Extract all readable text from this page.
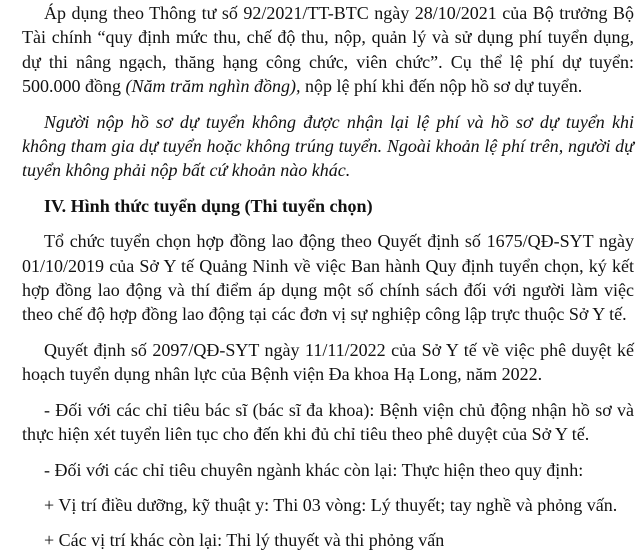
Áp dụng theo Thông tư số 92/2021/TT-BTC ngày 28/10/2021 của Bộ trưởng Bộ Tài chính “quy định mức thu, chế độ thu, nộp, quản lý và sử dụng phí tuyển dụng, dự thi nâng ngạch, thăng hạng công chức, viên chức”. Cụ thể lệ phí dự tuyển: 500.000 đồng (Năm trăm nghìn đồng), nộp lệ phí khi đến nộp hồ sơ dự tuyển.

Người nộp hồ sơ dự tuyển không được nhận lại lệ phí và hồ sơ dự tuyển khi không tham gia dự tuyển hoặc không trúng tuyển. Ngoài khoản lệ phí trên, người dự tuyển không phải nộp bất cứ khoản nào khác.

IV. Hình thức tuyển dụng (Thi tuyển chọn)

Tổ chức tuyển chọn hợp đồng lao động theo Quyết định số 1675/QĐ-SYT ngày 01/10/2019 của Sở Y tế Quảng Ninh về việc Ban hành Quy định tuyển chọn, ký kết hợp đồng lao động và thí điểm áp dụng một số chính sách đối với người làm việc theo chế độ hợp đồng lao động tại các đơn vị sự nghiệp công lập trực thuộc Sở Y tế.

Quyết định số 2097/QĐ-SYT ngày 11/11/2022 của Sở Y tế về việc phê duyệt kế hoạch tuyển dụng nhân lực của Bệnh viện Đa khoa Hạ Long, năm 2022.

- Đối với các chỉ tiêu bác sĩ (bác sĩ đa khoa): Bệnh viện chủ động nhận hồ sơ và thực hiện xét tuyển liên tục cho đến khi đủ chỉ tiêu theo phê duyệt của Sở Y tế.

- Đối với các chỉ tiêu chuyên ngành khác còn lại: Thực hiện theo quy định:

+ Vị trí điều dưỡng, kỹ thuật y: Thi 03 vòng: Lý thuyết; tay nghề và phỏng vấn.

+ Các vị trí khác còn lại: Thi lý thuyết và thi phỏng vấn
